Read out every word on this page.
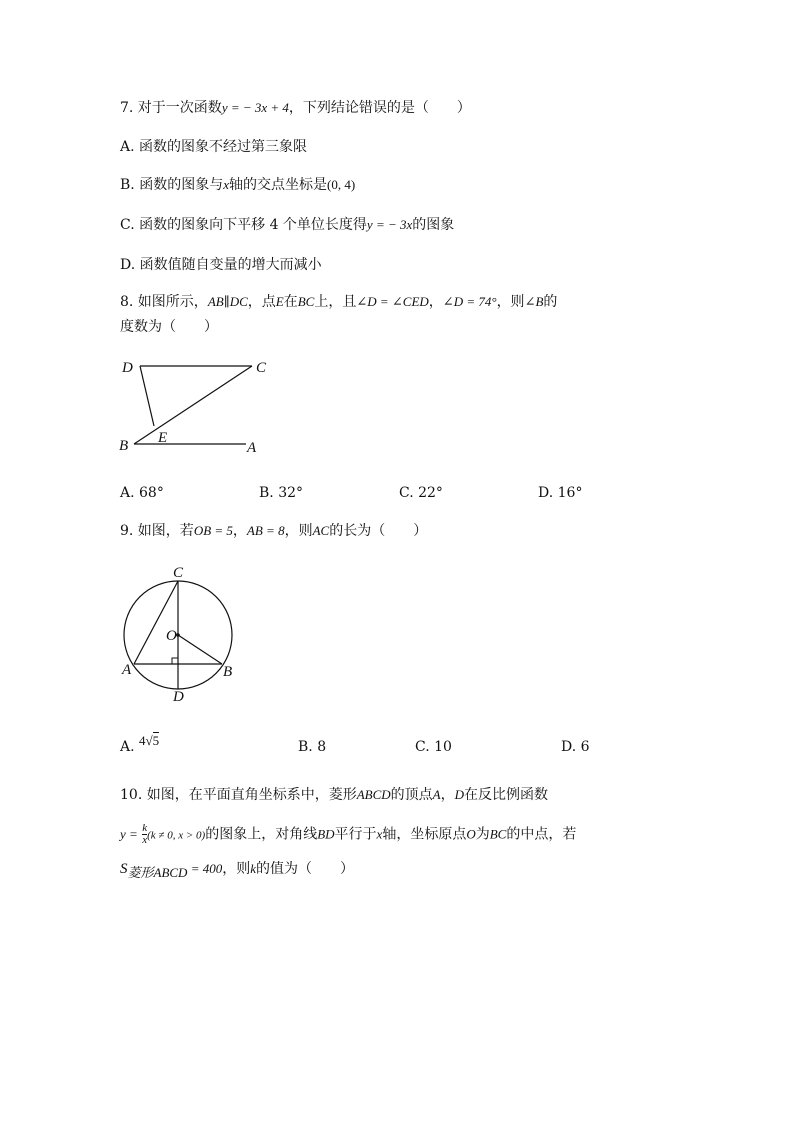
7. 对于一次函数y = − 3x + 4，下列结论错误的是（　　）
A. 函数的图象不经过第三象限
B. 函数的图象与x轴的交点坐标是(0, 4)
C. 函数的图象向下平移 4 个单位长度得y = − 3x的图象
D. 函数值随自变量的增大而减小
8. 如图所示，AB∥DC，点E在BC上，且∠D = ∠CED，∠D = 74°，则∠B的
度数为（　　）
D	C
B E
A
A. 68°	B. 32°	C. 22°	D. 16°
9. 如图，若OB = 5，AB = 8，则AC的长为（　　）
C
O
A	B
D
A. 4√5	B. 8	C. 10	D. 6
10. 如图，在平面直角坐标系中，菱形ABCD的顶点A，D在反比例函数
$y = \frac{k}{x} (k \ne 0$, x > 0)的图象上，对角线BD平行于x轴，坐标原点O为BC的中点，若
$S_{菱形ABCD} = 400$，则k的值为（　　）
